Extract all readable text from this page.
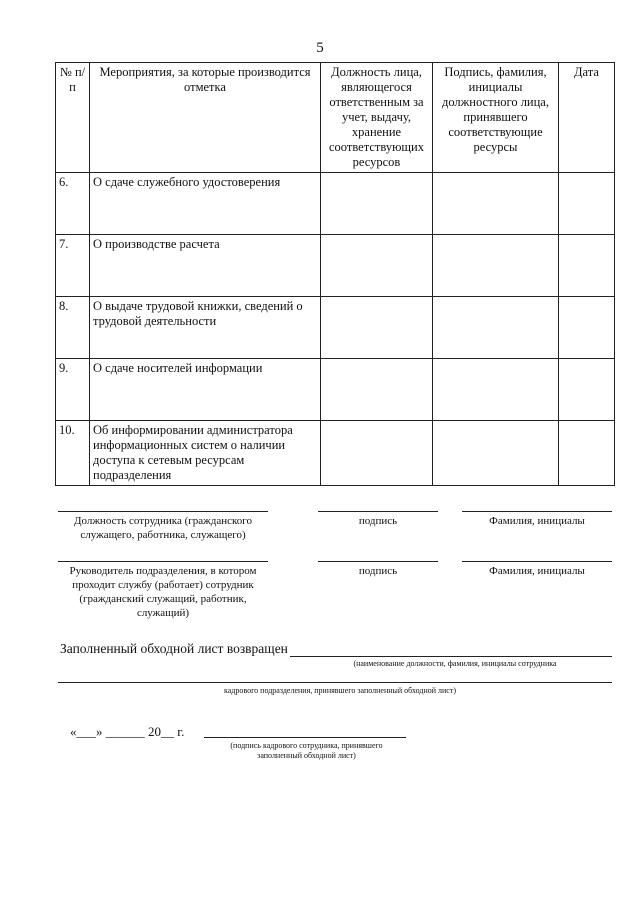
5
№ п/п	Мероприятия, за которые производится отметка	Должность лица, являющегося ответственным за учет, выдачу, хранение соответствующих ресурсов	Подпись, фамилия, инициалы должностного лица, принявшего соответствующие ресурсы	Дата
6.	О сдаче служебного удостоверения			
7.	О производстве расчета			
8.	О выдаче трудовой книжки, сведений о трудовой деятельности			
9.	О сдаче носителей информации			
10.	Об информировании администратора информационных систем о наличии доступа к сетевым ресурсам подразделения			
Должность сотрудника (гражданского служащего, работника, служащего)
подпись	Фамилия, инициалы
Руководитель подразделения, в котором проходит службу (работает) сотрудник (гражданский служащий, работник, служащий)
подпись	Фамилия, инициалы
Заполненный обходной лист возвращен
(наименование должности, фамилия, инициалы сотрудника
кадрового подразделения, принявшего заполненный обходной лист)
«___» ______ 20__ г.
(подпись кадрового сотрудника, принявшего заполненный обходной лист)
